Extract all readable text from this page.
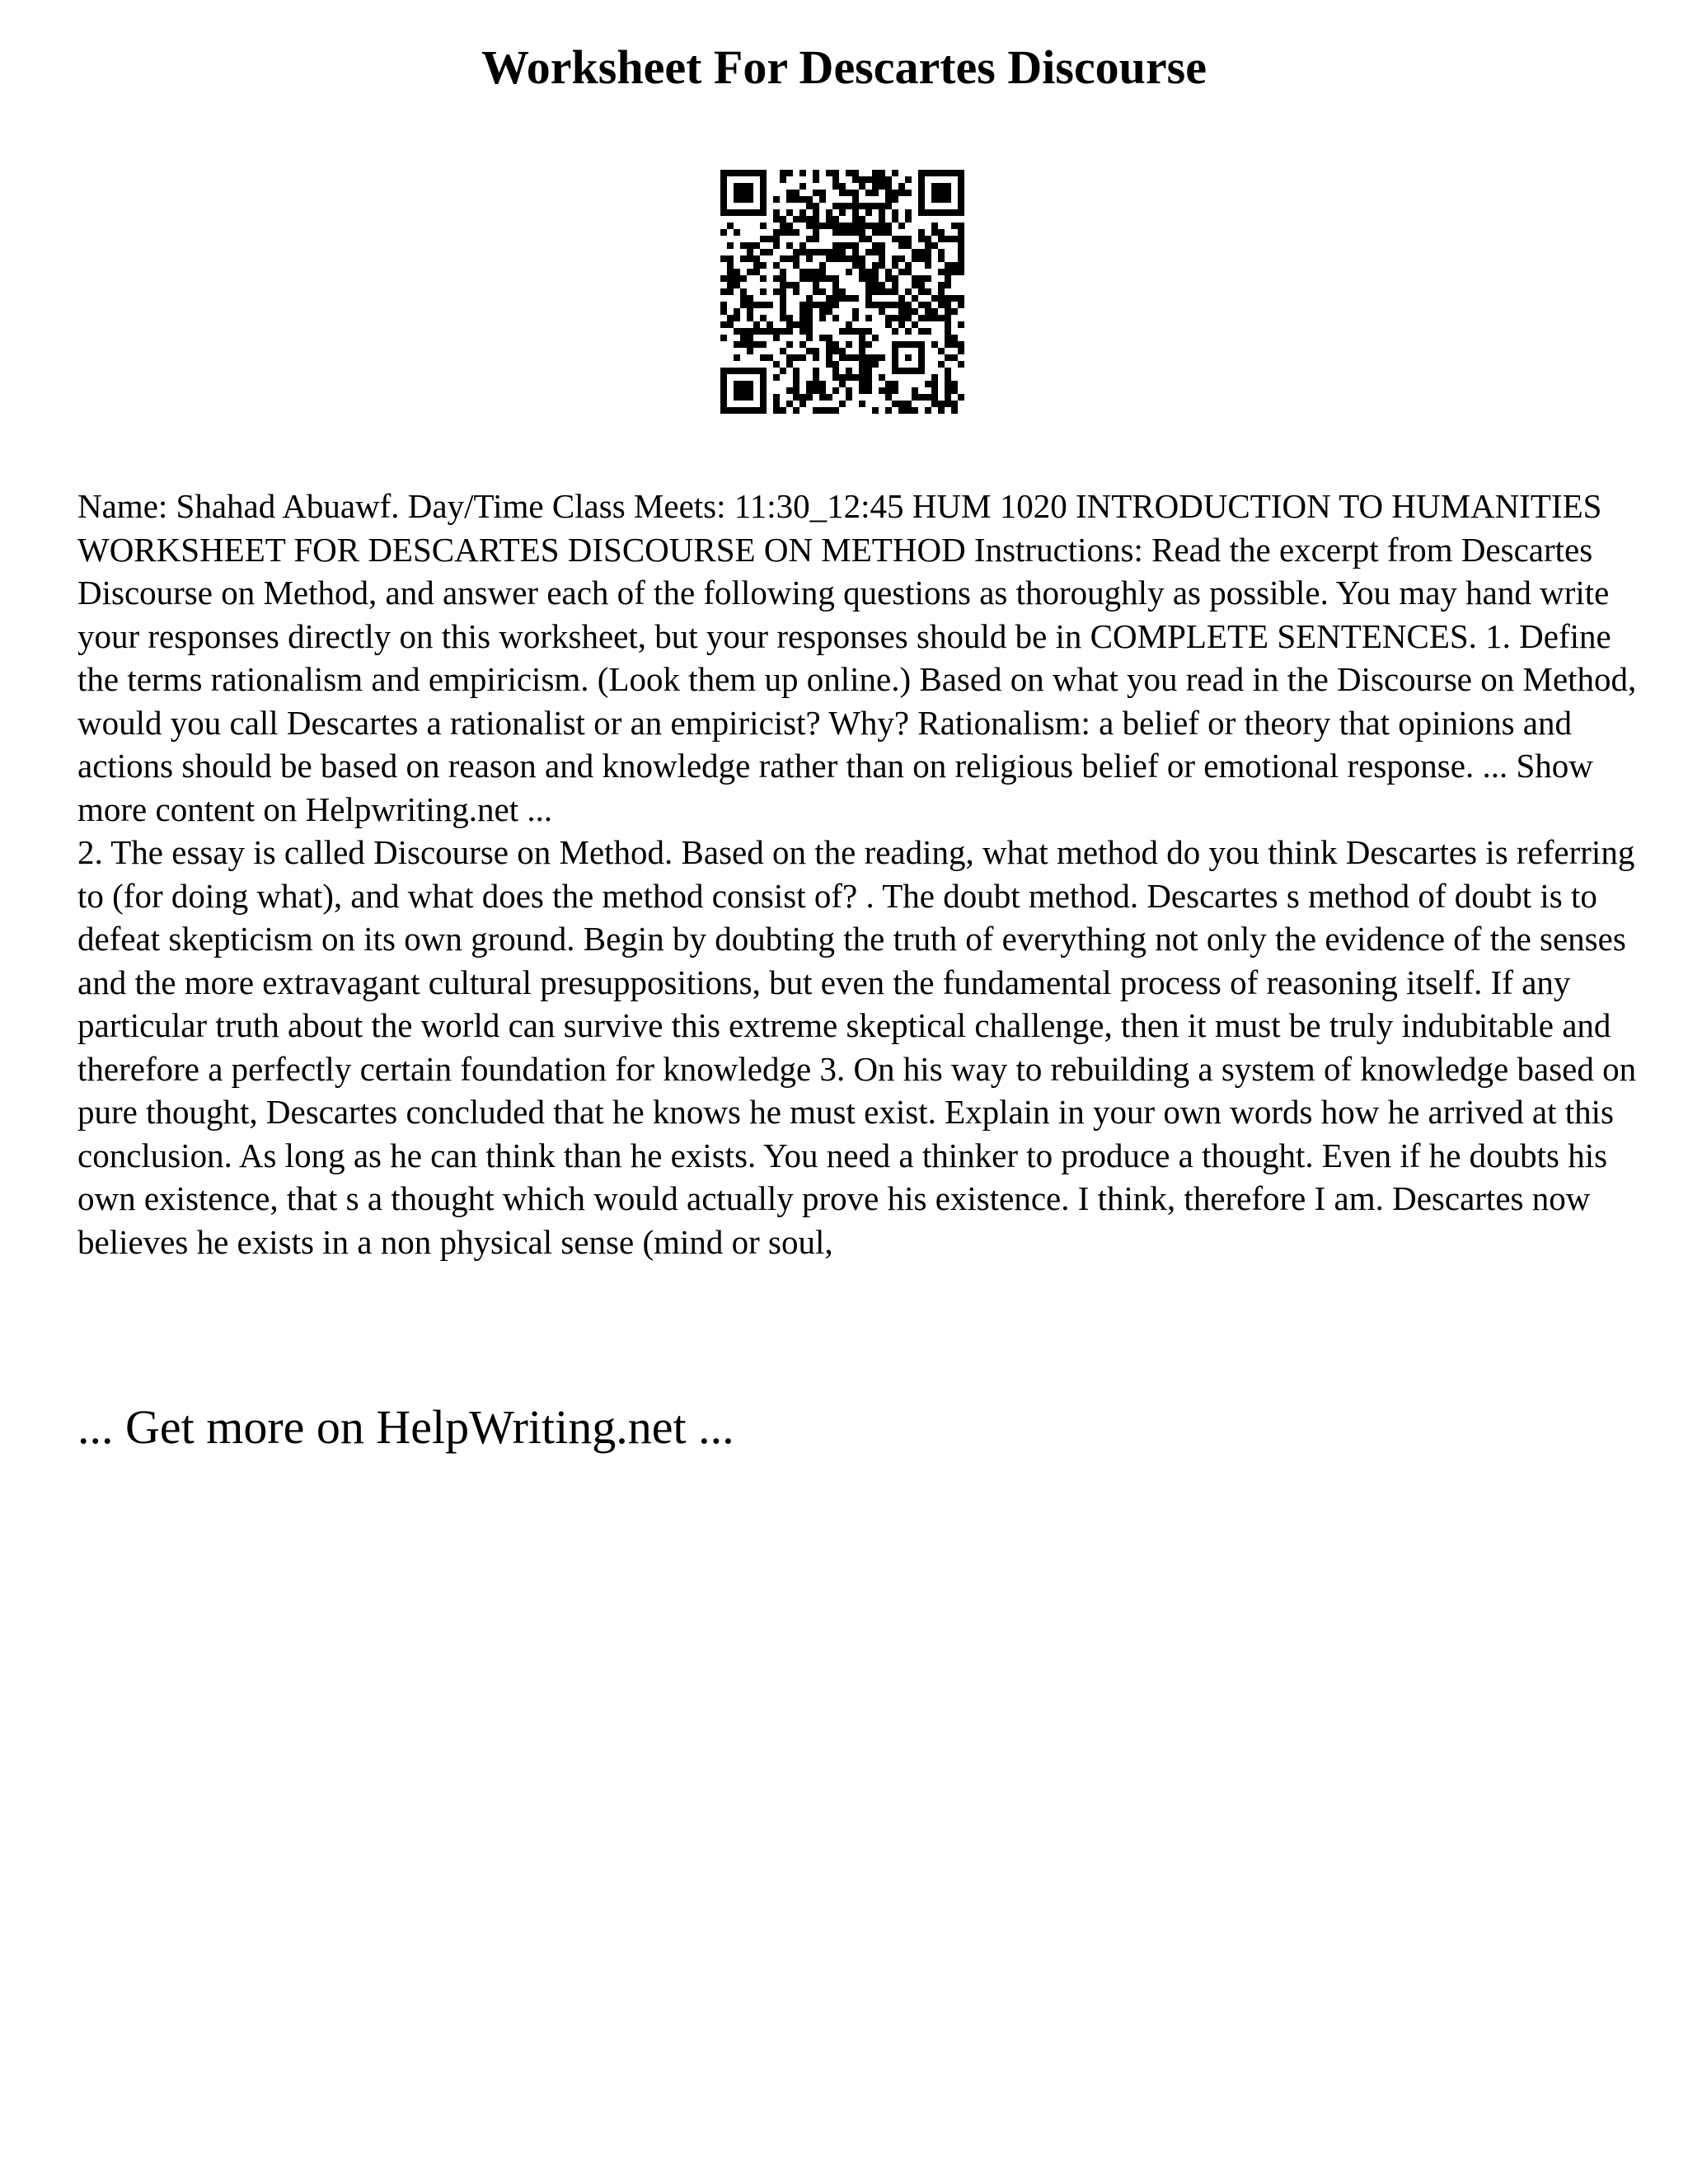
Worksheet For Descartes Discourse

Name: Shahad Abuawf. Day/Time Class Meets: 11:30_12:45 HUM 1020 INTRODUCTION TO HUMANITIES WORKSHEET FOR DESCARTES DISCOURSE ON METHOD Instructions: Read the excerpt from Descartes Discourse on Method, and answer each of the following questions as thoroughly as possible. You may hand write your responses directly on this worksheet, but your responses should be in COMPLETE SENTENCES. 1. Define the terms rationalism and empiricism. (Look them up online.) Based on what you read in the Discourse on Method, would you call Descartes a rationalist or an empiricist? Why? Rationalism: a belief or theory that opinions and actions should be based on reason and knowledge rather than on religious belief or emotional response. ... Show more content on Helpwriting.net ...

2. The essay is called Discourse on Method. Based on the reading, what method do you think Descartes is referring to (for doing what), and what does the method consist of? . The doubt method. Descartes s method of doubt is to defeat skepticism on its own ground. Begin by doubting the truth of everything not only the evidence of the senses and the more extravagant cultural presuppositions, but even the fundamental process of reasoning itself. If any particular truth about the world can survive this extreme skeptical challenge, then it must be truly indubitable and therefore a perfectly certain foundation for knowledge 3. On his way to rebuilding a system of knowledge based on pure thought, Descartes concluded that he knows he must exist. Explain in your own words how he arrived at this conclusion. As long as he can think than he exists. You need a thinker to produce a thought. Even if he doubts his own existence, that s a thought which would actually prove his existence. I think, therefore I am. Descartes now believes he exists in a non physical sense (mind or soul,

... Get more on HelpWriting.net ...
